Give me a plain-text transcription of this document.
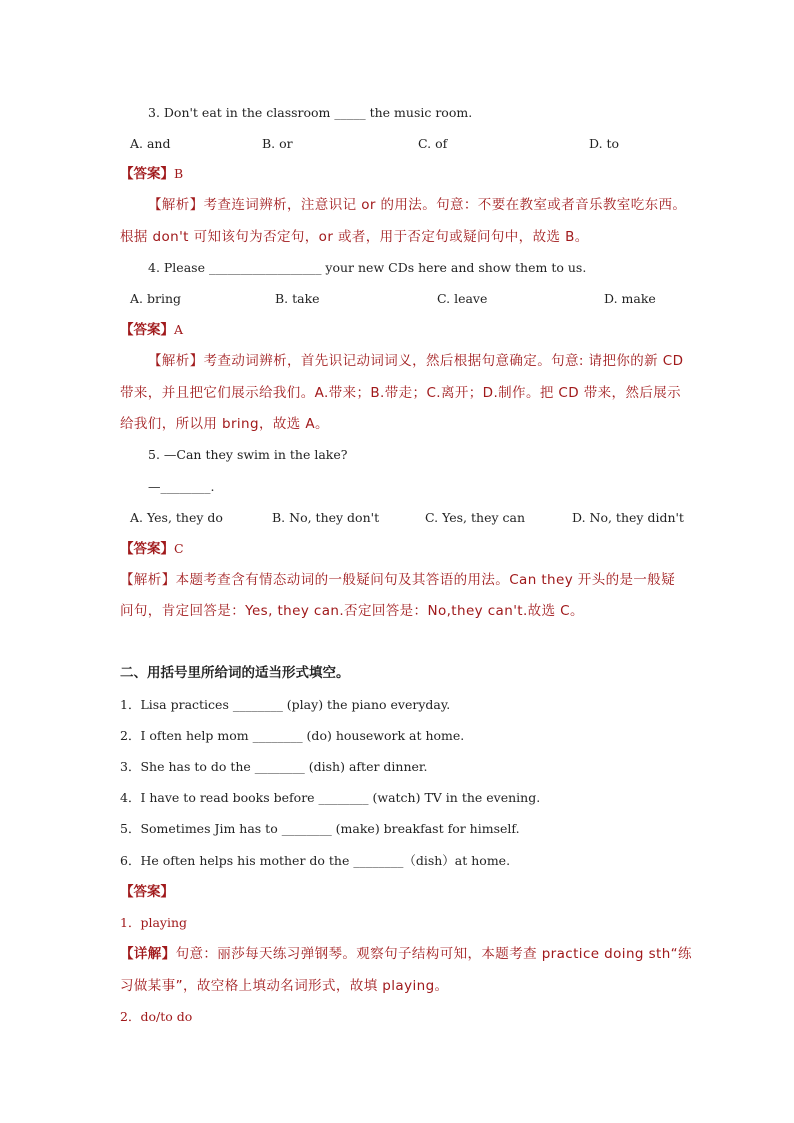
3. Don't eat in the classroom _____ the music room.
A. and	B. or	C. of	D. to
【答案】B
【解析】考查连词辨析，注意识记 or 的用法。句意：不要在教室或者音乐教室吃东西。
根据 don't 可知该句为否定句，or 或者，用于否定句或疑问句中，故选 B。
4. Please __________________ your new CDs here and show them to us.
A. bring	B. take	C. leave	D. make
【答案】A
【解析】考查动词辨析，首先识记动词词义，然后根据句意确定。句意: 请把你的新 CD
带来，并且把它们展示给我们。A.带来；B.带走；C.离开；D.制作。把 CD 带来，然后展示
给我们，所以用 bring，故选 A。
5. —Can they swim in the lake?
—________.
A. Yes, they do	B. No, they don't	C. Yes, they can	D. No, they didn't
【答案】C
【解析】本题考查含有情态动词的一般疑问句及其答语的用法。Can they 开头的是一般疑
问句，肯定回答是：Yes, they can.否定回答是：No,they can't.故选 C。
二、用括号里所给词的适当形式填空。
1．Lisa practices ________ (play) the piano everyday.
2．I often help mom ________ (do) housework at home.
3．She has to do the ________ (dish) after dinner.
4．I have to read books before ________ (watch) TV in the evening.
5．Sometimes Jim has to ________ (make) breakfast for himself.
6．He often helps his mother do the ________（dish）at home.
【答案】
1．playing
【详解】句意：丽莎每天练习弹钢琴。观察句子结构可知，本题考查 practice doing sth“练
习做某事”，故空格上填动名词形式，故填 playing。
2．do/to do
